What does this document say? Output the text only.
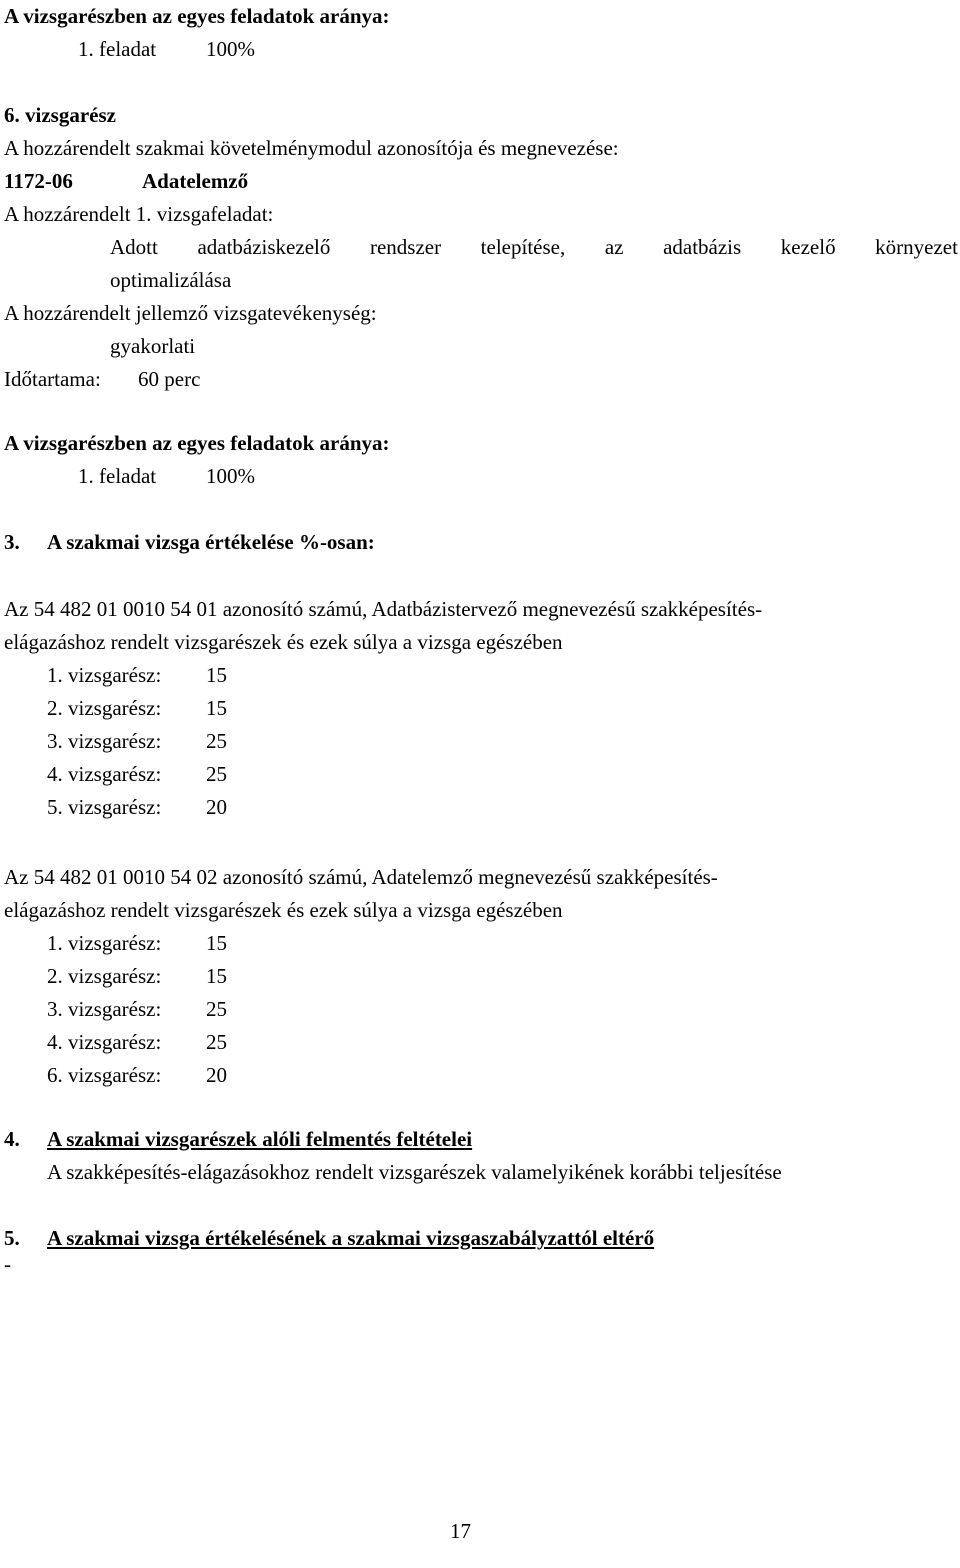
A vizsgarészben az egyes feladatok aránya:
1. feladat 100%
6. vizsgarész
A hozzárendelt szakmai követelménymodul azonosítója és megnevezése:
1172-06	Adatelemző
A hozzárendelt 1. vizsgafeladat:
Adott adatbáziskezelő rendszer telepítése, az adatbázis kezelő környezet
optimalizálása
A hozzárendelt jellemző vizsgatevékenység:
gyakorlati
Időtartama: 60 perc
A vizsgarészben az egyes feladatok aránya:
1. feladat 100%
3. A szakmai vizsga értékelése %-osan:
Az 54 482 01 0010 54 01 azonosító számú, Adatbázistervező megnevezésű szakképesítés-
elágazáshoz rendelt vizsgarészek és ezek súlya a vizsga egészében
1. vizsgarész: 15
2. vizsgarész: 15
3. vizsgarész: 25
4. vizsgarész: 25
5. vizsgarész: 20
Az 54 482 01 0010 54 02 azonosító számú, Adatelemző megnevezésű szakképesítés-
elágazáshoz rendelt vizsgarészek és ezek súlya a vizsga egészében
1. vizsgarész: 15
2. vizsgarész: 15
3. vizsgarész: 25
4. vizsgarész: 25
6. vizsgarész: 20
4. A szakmai vizsgarészek alóli felmentés feltételei
A szakképesítés-elágazásokhoz rendelt vizsgarészek valamelyikének korábbi teljesítése
5. A szakmai vizsga értékelésének a szakmai vizsgaszabályzattól eltérő
-
17
